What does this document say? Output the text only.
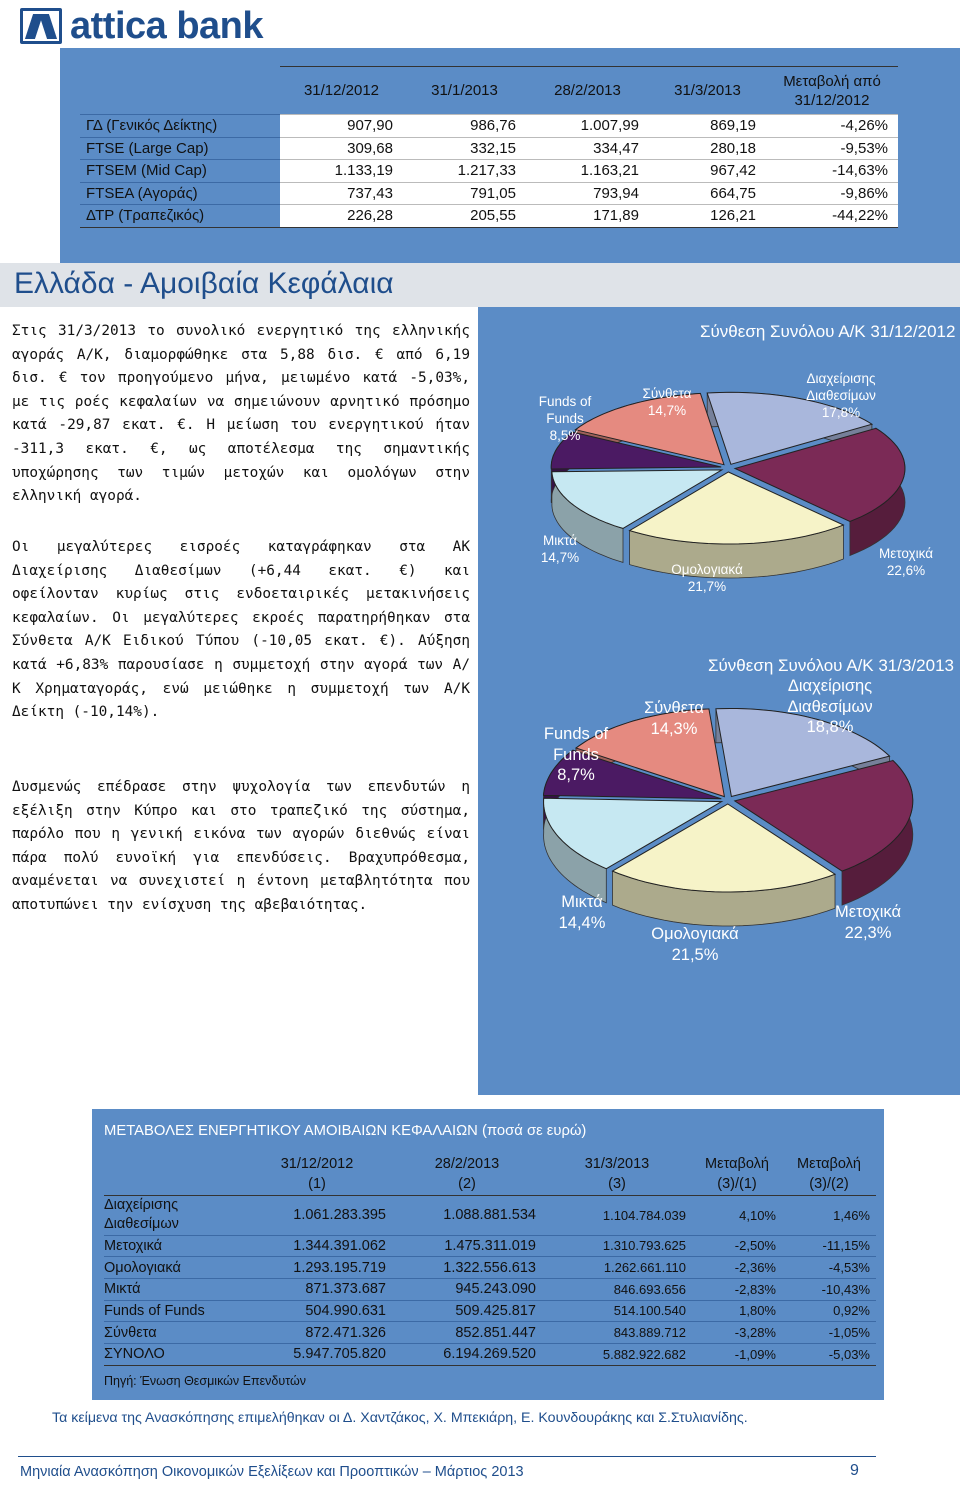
attica bank
	31/12/2012	31/1/2013	28/2/2013	31/3/2013	Μεταβολή από
31/12/2012
ΓΔ (Γενικός Δείκτης)	907,90	986,76	1.007,99	869,19	-4,26%
FTSE (Large Cap)	309,68	332,15	334,47	280,18	-9,53%
FTSEM (Mid Cap)	1.133,19	1.217,33	1.163,21	967,42	-14,63%
FTSEA (Αγοράς)	737,43	791,05	793,94	664,75	-9,86%
ΔΤΡ (Τραπεζικός)	226,28	205,55	171,89	126,21	-44,22%
Ελλάδα - Αμοιβαία Κεφάλαια

Στις 31/3/2013 το συνολικό ενεργητικό της ελληνικής αγοράς Α/Κ, διαμορφώθηκε στα 5,88 δισ. € από 6,19 δισ. € τον προηγούμενο μήνα, μειωμένο κατά -5,03%, με τις ροές κεφαλαίων να σημειώνουν αρνητικό πρόσημο κατά -29,87 εκατ. €. Η μείωση του ενεργητικού ήταν -311,3 εκατ. €, ως αποτέλεσμα της σημαντικής υποχώρησης των τιμών μετοχών και ομολόγων στην ελληνική αγορά.

Οι μεγαλύτερες εισροές καταγράφηκαν στα ΑΚ Διαχείρισης Διαθεσίμων (+6,44 εκατ. €) και οφείλονταν κυρίως στις ενδοεταιρικές μετακινήσεις κεφαλαίων. Οι μεγαλύτερες εκροές παρατηρήθηκαν στα Σύνθετα Α/Κ Ειδικού Τύπου (-10,05 εκατ. €). Αύξηση κατά +6,83% παρουσίασε η συμμετοχή στην αγορά των Α/Κ Χρηματαγοράς, ενώ μειώθηκε η συμμετοχή των Α/Κ Δείκτη (-10,14%).

Δυσμενώς επέδρασε στην ψυχολογία των επενδυτών η εξέλιξη στην Κύπρο και στο τραπεζικό της σύστημα, παρόλο που η γενική εικόνα των αγορών διεθνώς είναι πάρα πολύ ευνοϊκή για επενδύσεις. Βραχυπρόθεσμα, αναμένεται να συνεχιστεί η έντονη μεταβλητότητα που αποτυπώνει την ενίσχυση της αβεβαιότητας.

Σύνθεση Συνόλου Α/Κ 31/12/2012
Σύνθεση Συνόλου Α/Κ 31/3/2013
Διαχείρισης
Διαθεσίμων
17,8%
Σύνθετα
14,7%
Funds of
Funds
8,5%
Μικτά
14,7%
Ομολογιακά
21,7%
Μετοχικά
22,6%
Διαχείρισης
Διαθεσίμων
18,8%
Σύνθετα
14,3%
Funds of
Funds
8,7%
Μικτά
14,4%
Ομολογιακά
21,5%
Μετοχικά
22,3%
ΜΕΤΑΒΟΛΕΣ ΕΝΕΡΓΗΤΙΚΟΥ ΑΜΟΙΒΑΙΩΝ ΚΕΦΑΛΑΙΩΝ (ποσά σε ευρώ)
	31/12/2012	28/2/2013	31/3/2013	Μεταβολή	Μεταβολή
	(1)	(2)	(3)	(3)/(1)	(3)/(2)
Διαχείρισης Διαθεσίμων	1.061.283.395	1.088.881.534	1.104.784.039	4,10%	1,46%
Μετοχικά	1.344.391.062	1.475.311.019	1.310.793.625	-2,50%	-11,15%
Ομολογιακά	1.293.195.719	1.322.556.613	1.262.661.110	-2,36%	-4,53%
Μικτά	871.373.687	945.243.090	846.693.656	-2,83%	-10,43%
Funds of Funds	504.990.631	509.425.817	514.100.540	1,80%	0,92%
Σύνθετα	872.471.326	852.851.447	843.889.712	-3,28%	-1,05%
ΣΥΝΟΛΟ	5.947.705.820	6.194.269.520	5.882.922.682	-1,09%	-5,03%
Πηγή: Ένωση Θεσμικών Επενδυτών
Τα κείμενα της Ανασκόπησης επιμελήθηκαν οι Δ. Χαντζάκος, Χ. Μπεκιάρη, Ε. Κουνδουράκης και Σ.Στυλιανίδης.
Μηνιαία Ανασκόπηση Οικονομικών Εξελίξεων και Προοπτικών – Μάρτιος 2013	9
